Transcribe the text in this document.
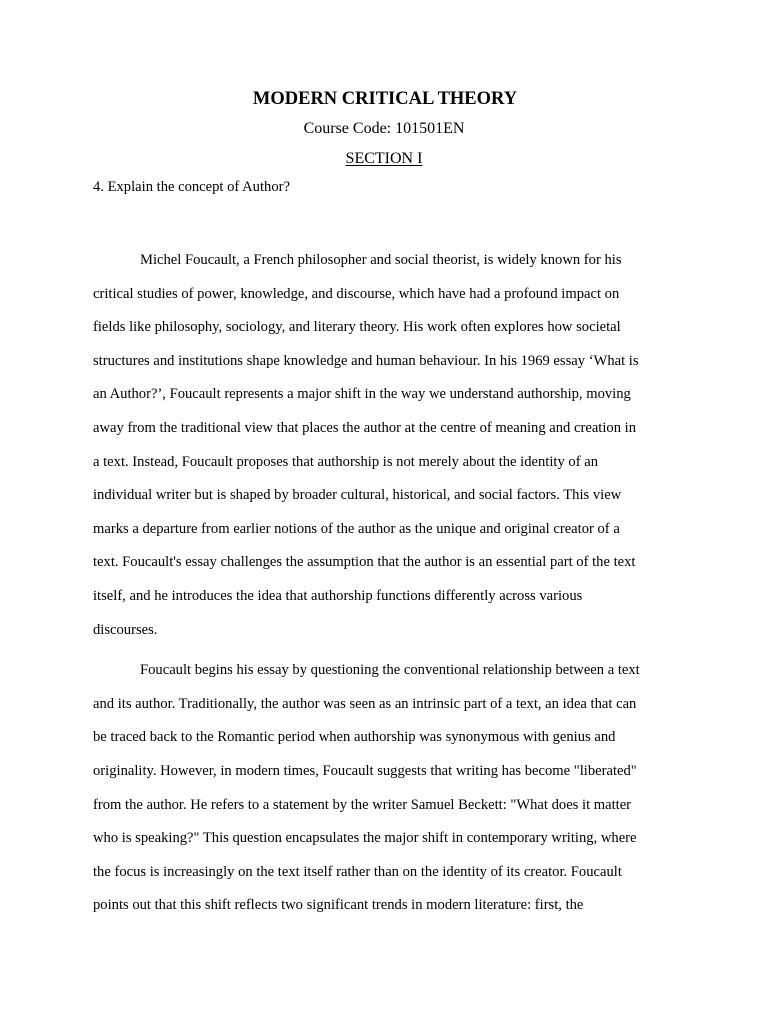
MODERN CRITICAL THEORY

Course Code: 101501EN

SECTION I

4. Explain the concept of Author?

Michel Foucault, a French philosopher and social theorist, is widely known for his
critical studies of power, knowledge, and discourse, which have had a profound impact on
fields like philosophy, sociology, and literary theory. His work often explores how societal
structures and institutions shape knowledge and human behaviour. In his 1969 essay ‘What is
an Author?’, Foucault represents a major shift in the way we understand authorship, moving
away from the traditional view that places the author at the centre of meaning and creation in
a text. Instead, Foucault proposes that authorship is not merely about the identity of an
individual writer but is shaped by broader cultural, historical, and social factors. This view
marks a departure from earlier notions of the author as the unique and original creator of a
text. Foucault's essay challenges the assumption that the author is an essential part of the text
itself, and he introduces the idea that authorship functions differently across various
discourses.

Foucault begins his essay by questioning the conventional relationship between a text
and its author. Traditionally, the author was seen as an intrinsic part of a text, an idea that can
be traced back to the Romantic period when authorship was synonymous with genius and
originality. However, in modern times, Foucault suggests that writing has become "liberated"
from the author. He refers to a statement by the writer Samuel Beckett: "What does it matter
who is speaking?" This question encapsulates the major shift in contemporary writing, where
the focus is increasingly on the text itself rather than on the identity of its creator. Foucault
points out that this shift reflects two significant trends in modern literature: first, the
